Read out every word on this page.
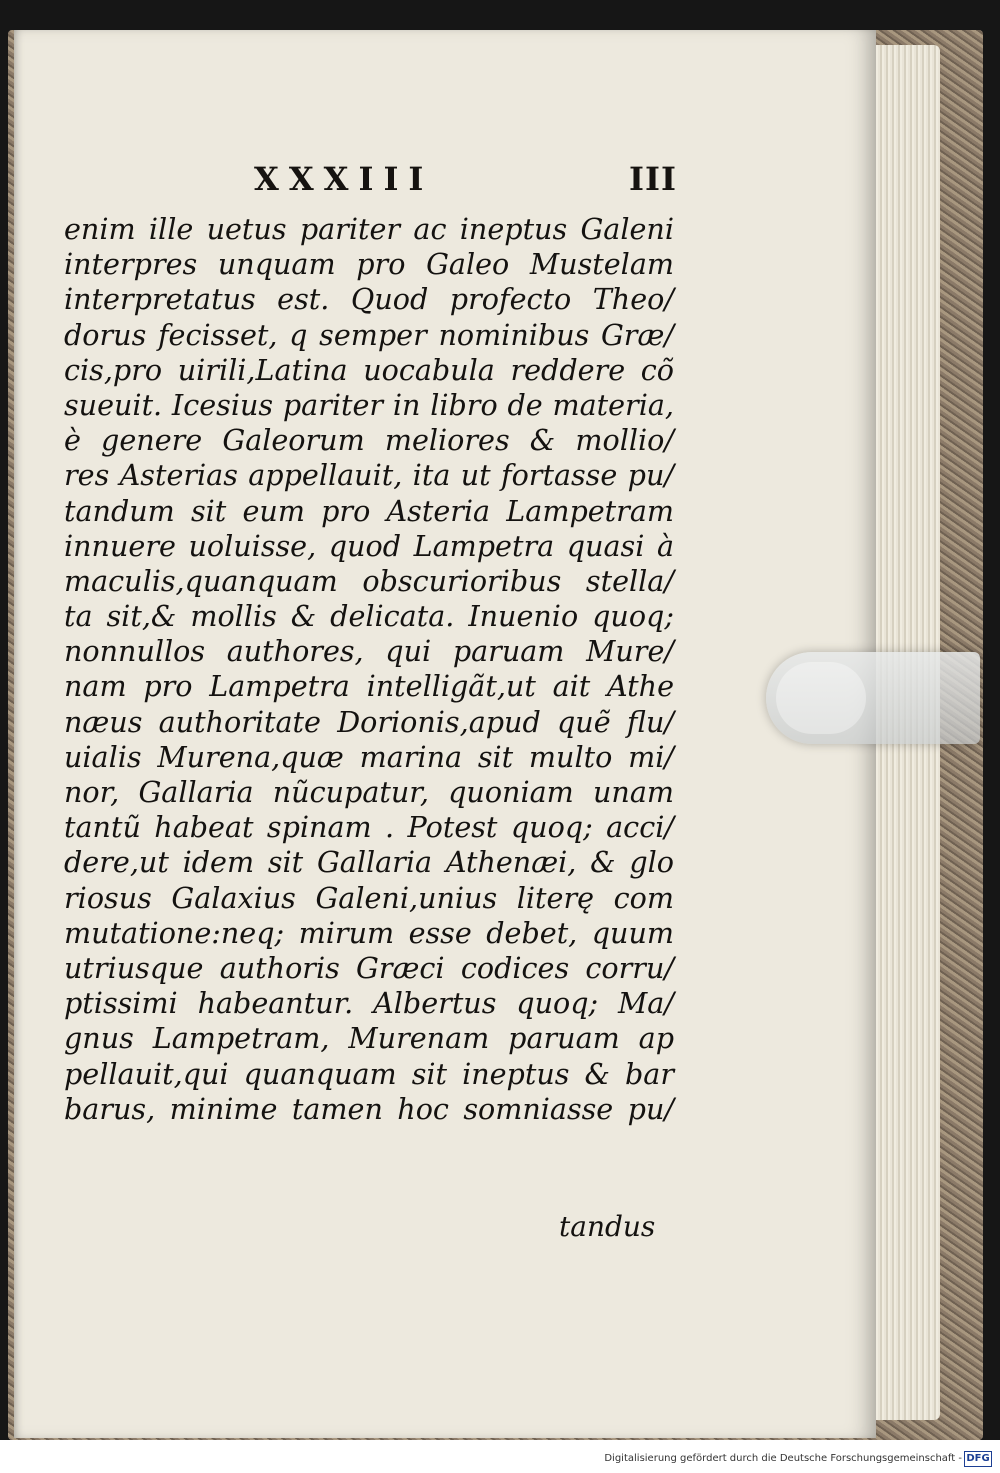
XXXIII	III
enim ille uetus pariter ac ineptus Galeni
interpres unquam pro Galeo Mustelam
interpretatus est. Quod profecto Theo/
dorus fecisset, q semper nominibus Græ/
cis,pro uirili,Latina uocabula reddere cõ
sueuit. Icesius pariter in libro de materia,
è genere Galeorum meliores & mollio/
res Asterias appellauit, ita ut fortasse pu/
tandum sit eum pro Asteria Lampetram
innuere uoluisse, quod Lampetra quasi à
maculis,quanquam obscurioribus stella/
ta sit,& mollis & delicata. Inuenio quoq;
nonnullos authores, qui paruam Mure/
nam pro Lampetra intelligãt,ut ait Athe
næus authoritate Dorionis,apud quẽ flu/
uialis Murena,quæ marina sit multo mi/
nor, Gallaria nũcupatur, quoniam unam
tantũ habeat spinam . Potest quoq; acci/
dere,ut idem sit Gallaria Athenæi, & glo
riosus Galaxius Galeni,unius literę com
mutatione:neq; mirum esse debet, quum
utriusque authoris Græci codices corru/
ptissimi habeantur. Albertus quoq; Ma/
gnus Lampetram, Murenam paruam ap
pellauit,qui quanquam sit ineptus & bar
barus, minime tamen hoc somniasse pu/
tandus
Digitalisierung gefördert durch die Deutsche Forschungsgemeinschaft - DFG
